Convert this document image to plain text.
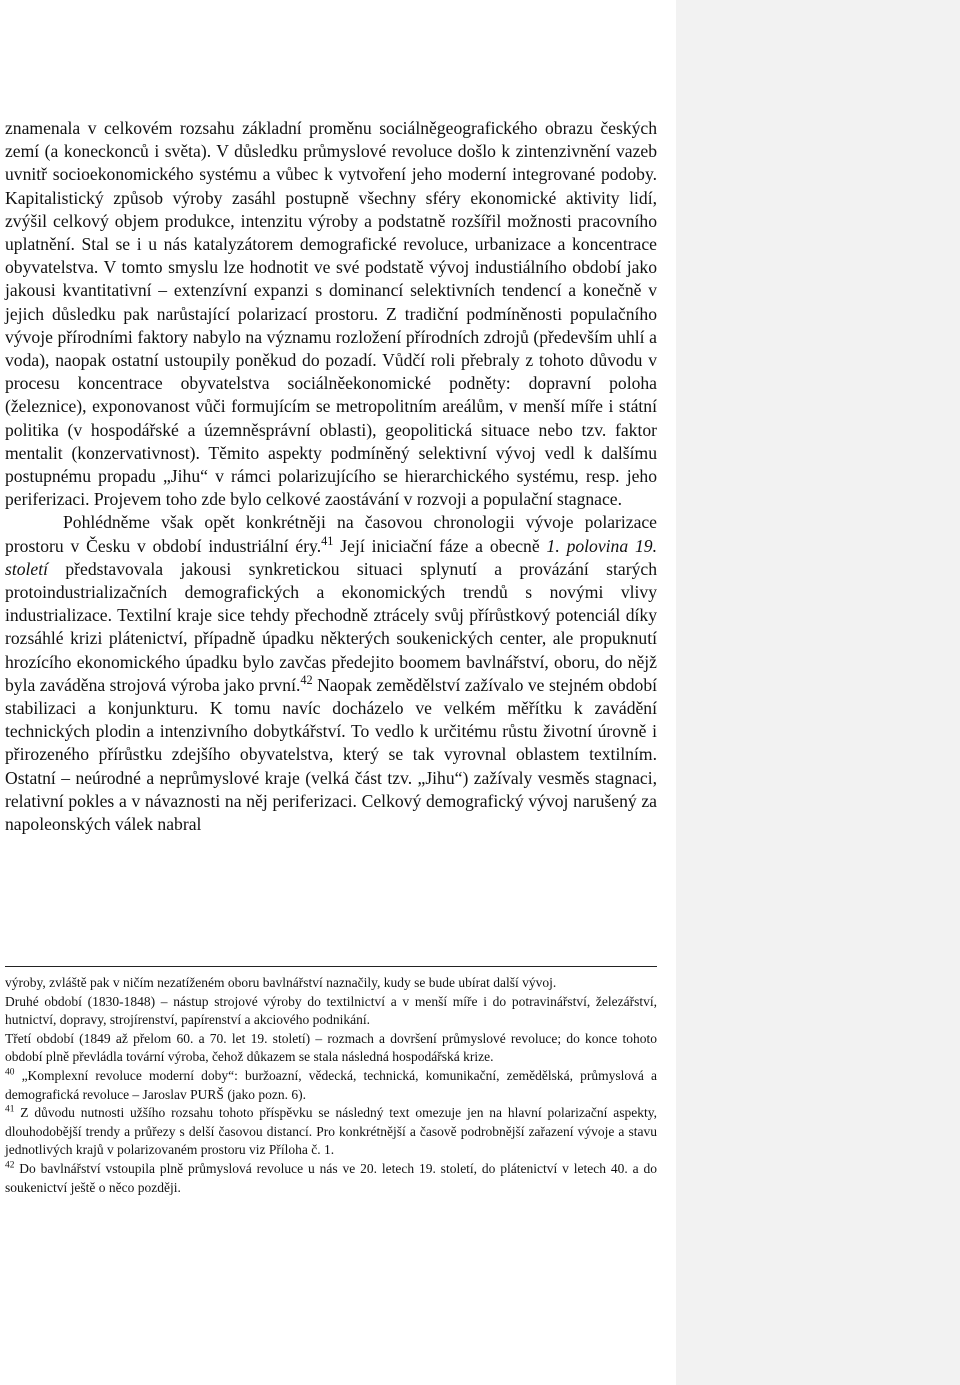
znamenala v celkovém rozsahu základní proměnu sociálněgeografického obrazu českých zemí (a koneckonců i světa). V důsledku průmyslové revoluce došlo k zintenzivnění vazeb uvnitř socioekonomického systému a vůbec k vytvoření jeho moderní integrované podoby. Kapitalistický způsob výroby zasáhl postupně všechny sféry ekonomické aktivity lidí, zvýšil celkový objem produkce, intenzitu výroby a podstatně rozšířil možnosti pracovního uplatnění. Stal se i u nás katalyzátorem demografické revoluce, urbanizace a koncentrace obyvatelstva. V tomto smyslu lze hodnotit ve své podstatě vývoj industiálního období jako jakousi kvantitativní – extenzívní expanzi s dominancí selektivních tendencí a konečně v jejich důsledku pak narůstající polarizací prostoru. Z tradiční podmíněnosti populačního vývoje přírodními faktory nabylo na významu rozložení přírodních zdrojů (především uhlí a voda), naopak ostatní ustoupily poněkud do pozadí. Vůdčí roli přebraly z tohoto důvodu v procesu koncentrace obyvatelstva sociálněekonomické podněty: dopravní poloha (železnice), exponovanost vůči formujícím se metropolitním areálům, v menší míře i státní politika (v hospodářské a územněsprávní oblasti), geopolitická situace nebo tzv. faktor mentalit (konzervativnost). Těmito aspekty podmíněný selektivní vývoj vedl k dalšímu postupnému propadu „Jihu“ v rámci polarizujícího se hierarchického systému, resp. jeho periferizaci. Projevem toho zde bylo celkové zaostávání v rozvoji a populační stagnace.

Pohlédněme však opět konkrétněji na časovou chronologii vývoje polarizace prostoru v Česku v období industriální éry.$^{41}$ Její iniciační fáze a obecně 1. polovina 19. století představovala jakousi synkretickou situaci splynutí a provázání starých protoindustrializačních demografických a ekonomických trendů s novými vlivy industrializace. Textilní kraje sice tehdy přechodně ztrácely svůj přírůstkový potenciál díky rozsáhlé krizi plátenictví, případně úpadku některých soukenických center, ale propuknutí hrozícího ekonomického úpadku bylo zavčas předejito boomem bavlnářství, oboru, do nějž byla zaváděna strojová výroba jako první.$^{42}$ Naopak zemědělství zažívalo ve stejném období stabilizaci a konjunkturu. K tomu navíc docházelo ve velkém měřítku k zavádění technických plodin a intenzivního dobytkářství. To vedlo k určitému růstu životní úrovně i přirozeného přírůstku zdejšího obyvatelstva, který se tak vyrovnal oblastem textilním. Ostatní – neúrodné a neprůmyslové kraje (velká část tzv. „Jihu“) zažívaly vesměs stagnaci, relativní pokles a v návaznosti na něj periferizaci. Celkový demografický vývoj narušený za napoleonských válek nabral

výroby, zvláště pak v ničím nezatíženém oboru bavlnářství naznačily, kudy se bude ubírat další vývoj.

Druhé období (1830-1848) – nástup strojové výroby do textilnictví a v menší míře i do potravinářství, železářství, hutnictví, dopravy, strojírenství, papírenství a akciového podnikání.

Třetí období (1849 až přelom 60. a 70. let 19. století) – rozmach a dovršení průmyslové revoluce; do konce tohoto období plně převládla tovární výroba, čehož důkazem se stala následná hospodářská krize.

$^{40}$ „Komplexní revoluce moderní doby“: buržoazní, vědecká, technická, komunikační, zemědělská, průmyslová a demografická revoluce – Jaroslav PURŠ (jako pozn. 6).

$^{41}$ Z důvodu nutnosti užšího rozsahu tohoto příspěvku se následný text omezuje jen na hlavní polarizační aspekty, dlouhodobější trendy a průřezy s delší časovou distancí. Pro konkrétnější a časově podrobnější zařazení vývoje a stavu jednotlivých krajů v polarizovaném prostoru viz Příloha č. 1.

$^{42}$ Do bavlnářství vstoupila plně průmyslová revoluce u nás ve 20. letech 19. století, do plátenictví v letech 40. a do soukenictví ještě o něco později.
